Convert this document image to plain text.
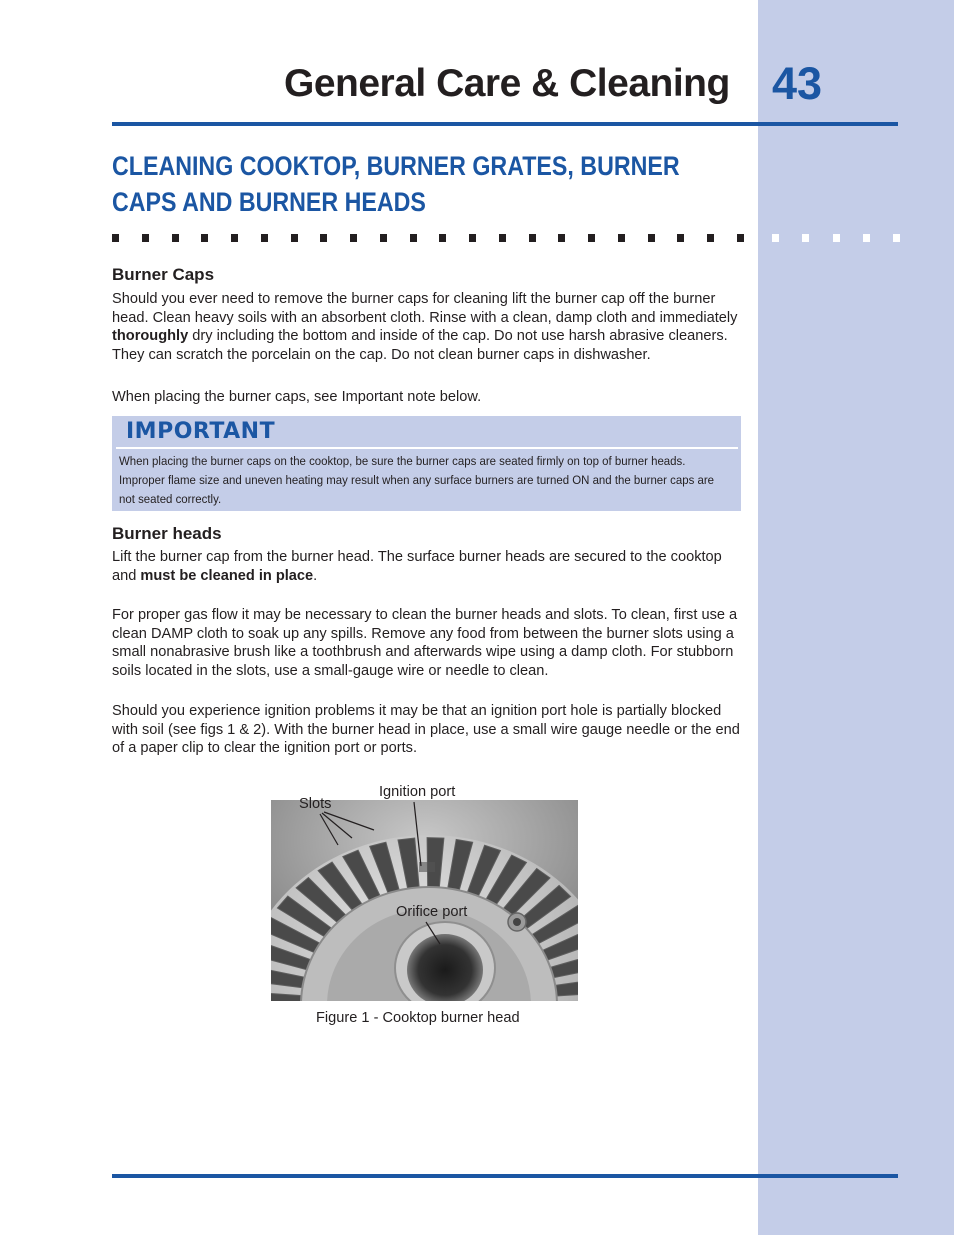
General Care & Cleaning 43
CLEANING COOKTOP, BURNER GRATES, BURNER
CAPS AND BURNER HEADS
Burner Caps
Should you ever need to remove the burner caps for cleaning lift the burner cap off the burner head. Clean heavy soils with an absorbent cloth. Rinse with a clean, damp cloth and immediately thoroughly dry including the bottom and inside of the cap. Do not use harsh abrasive cleaners. They can scratch the porcelain on the cap. Do not clean burner caps in dishwasher.
When placing the burner caps, see Important note below.
IMPORTANT
When placing the burner caps on the cooktop, be sure the burner caps are seated firmly on top of burner heads. Improper flame size and uneven heating may result when any surface burners are turned ON and the burner caps are not seated correctly.
Burner heads
Lift the burner cap from the burner head. The surface burner heads are secured to the cooktop and must be cleaned in place.
For proper gas flow it may be necessary to clean the burner heads and slots. To clean, first use a clean DAMP cloth to soak up any spills. Remove any food from between the burner slots using a small nonabrasive brush like a toothbrush and afterwards wipe using a damp cloth. For stubborn soils located in the slots, use a small-gauge wire or needle to clean.
Should you experience ignition problems it may be that an ignition port hole is partially blocked with soil (see figs 1 & 2). With the burner head in place, use a small wire gauge needle or the end of a paper clip to clear the ignition port or ports.
Slots
Ignition port
Orifice port
Figure 1 - Cooktop burner head
